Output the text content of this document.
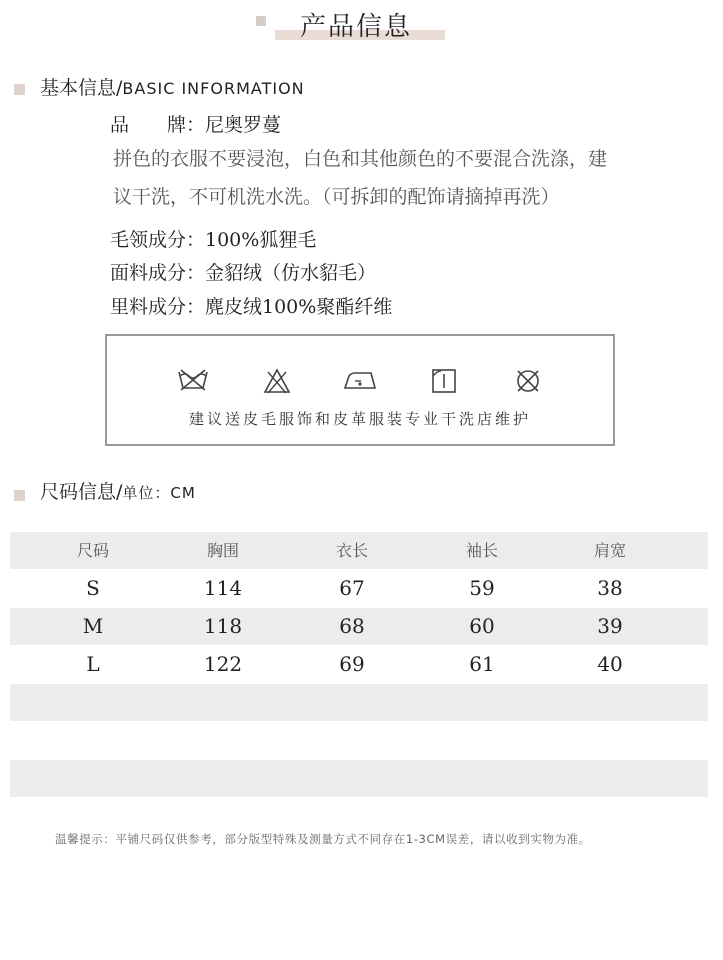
产品信息
基本信息/BASIC INFORMATION
品　　牌：尼奥罗蔓
拼色的衣服不要浸泡，白色和其他颜色的不要混合洗涤，建
议干洗，不可机洗水洗。（可拆卸的配饰请摘掉再洗）
毛领成分：100%狐狸毛
面料成分：金貂绒（仿水貂毛）
里料成分：麂皮绒100%聚酯纤维
建议送皮毛服饰和皮革服装专业干洗店维护
尺码信息/单位：CM
尺码	胸围	衣长	袖长	肩宽
S	114	67	59	38
M	118	68	60	39
L	122	69	61	40
温馨提示：平铺尺码仅供参考，部分版型特殊及测量方式不同存在1-3CM误差，请以收到实物为准。
